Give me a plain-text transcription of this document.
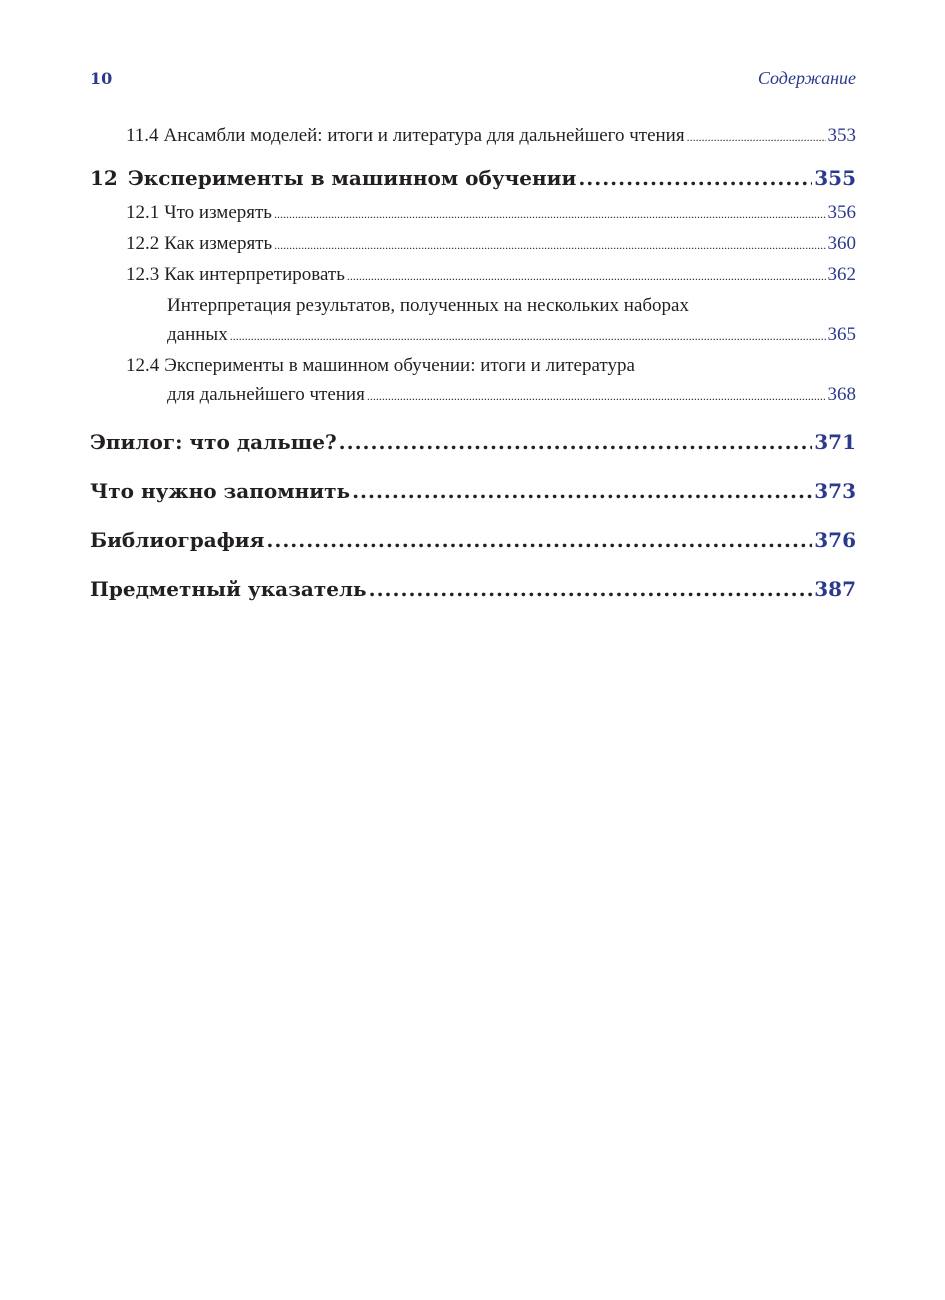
10	Содержание
11.4 Ансамбли моделей: итоги и литература для дальнейшего чтения .....	353
12 Эксперименты в машинном обучении .....	355
12.1 Что измерять .....	356
12.2 Как измерять .....	360
12.3 Как интерпретировать .....	362
Интерпретация результатов, полученных на нескольких наборах
данных .....	365
12.4 Эксперименты в машинном обучении: итоги и литература
для дальнейшего чтения .....	368
Эпилог: что дальше? .....	371
Что нужно запомнить .....	373
Библиография .....	376
Предметный указатель .....	387
